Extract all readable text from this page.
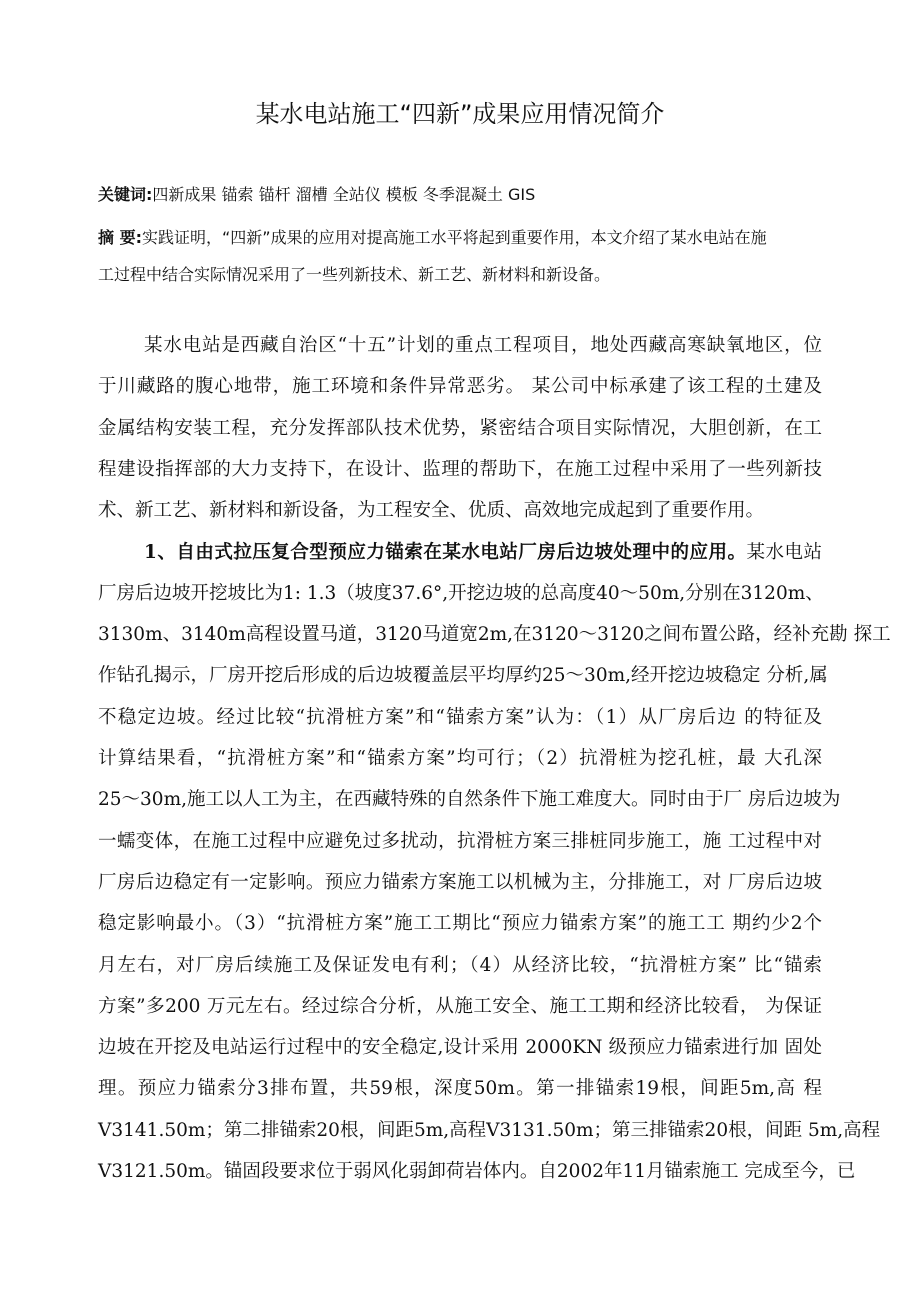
某水电站施工“四新”成果应用情况简介
关键词:四新成果 锚索 锚杆 溜槽 全站仪 模板 冬季混凝土 GIS
摘 要:实践证明，“四新”成果的应用对提高施工水平将起到重要作用，本文介绍了某水电站在施
工过程中结合实际情况采用了一些列新技术、新工艺、新材料和新设备。
某水电站是西藏自治区“十五”计划的重点工程项目，地处西藏高寒缺氧地区，位
于川藏路的腹心地带，施工环境和条件异常恶劣。 某公司中标承建了该工程的土建及
金属结构安装工程，充分发挥部队技术优势，紧密结合项目实际情况，大胆创新，在工
程建设指挥部的大力支持下，在设计、监理的帮助下，在施工过程中采用了一些列新技
术、新工艺、新材料和新设备，为工程安全、优质、高效地完成起到了重要作用。
1、自由式拉压复合型预应力锚索在某水电站厂房后边坡处理中的应用。某水电站
厂房后边坡开挖坡比为1: 1.3（坡度37.6°,开挖边坡的总高度40～50m,分别在3120m、
3130m、3140m高程设置马道，3120马道宽2m,在3120～3120之间布置公路，经补充勘 探工
作钻孔揭示，厂房开挖后形成的后边坡覆盖层平均厚约25～30m,经开挖边坡稳定 分析,属
不稳定边坡。经过比较“抗滑桩方案”和“锚索方案”认为：（1）从厂房后边 的特征及
计算结果看，“抗滑桩方案”和“锚索方案”均可行；（2）抗滑桩为挖孔桩，最 大孔深
25～30m,施工以人工为主，在西藏特殊的自然条件下施工难度大。同时由于厂 房后边坡为
一蠕变体，在施工过程中应避免过多扰动，抗滑桩方案三排桩同步施工，施 工过程中对
厂房后边稳定有一定影响。预应力锚索方案施工以机械为主，分排施工，对 厂房后边坡
稳定影响最小。（3）“抗滑桩方案”施工工期比“预应力锚索方案”的施工工 期约少2个
月左右，对厂房后续施工及保证发电有利；（4）从经济比较，“抗滑桩方案” 比“锚索
方案”多200 万元左右。经过综合分析，从施工安全、施工工期和经济比较看， 为保证
边坡在开挖及电站运行过程中的安全稳定,设计采用 2000KN 级预应力锚索进行加 固处
理。预应力锚索分3排布置，共59根，深度50m。第一排锚索19根，间距5m,高 程
V3141.50m；第二排锚索20根，间距5m,高程V3131.50m；第三排锚索20根，间距 5m,高程
V3121.50m。锚固段要求位于弱风化弱卸荷岩体内。自2002年11月锚索施工 完成至今，已
